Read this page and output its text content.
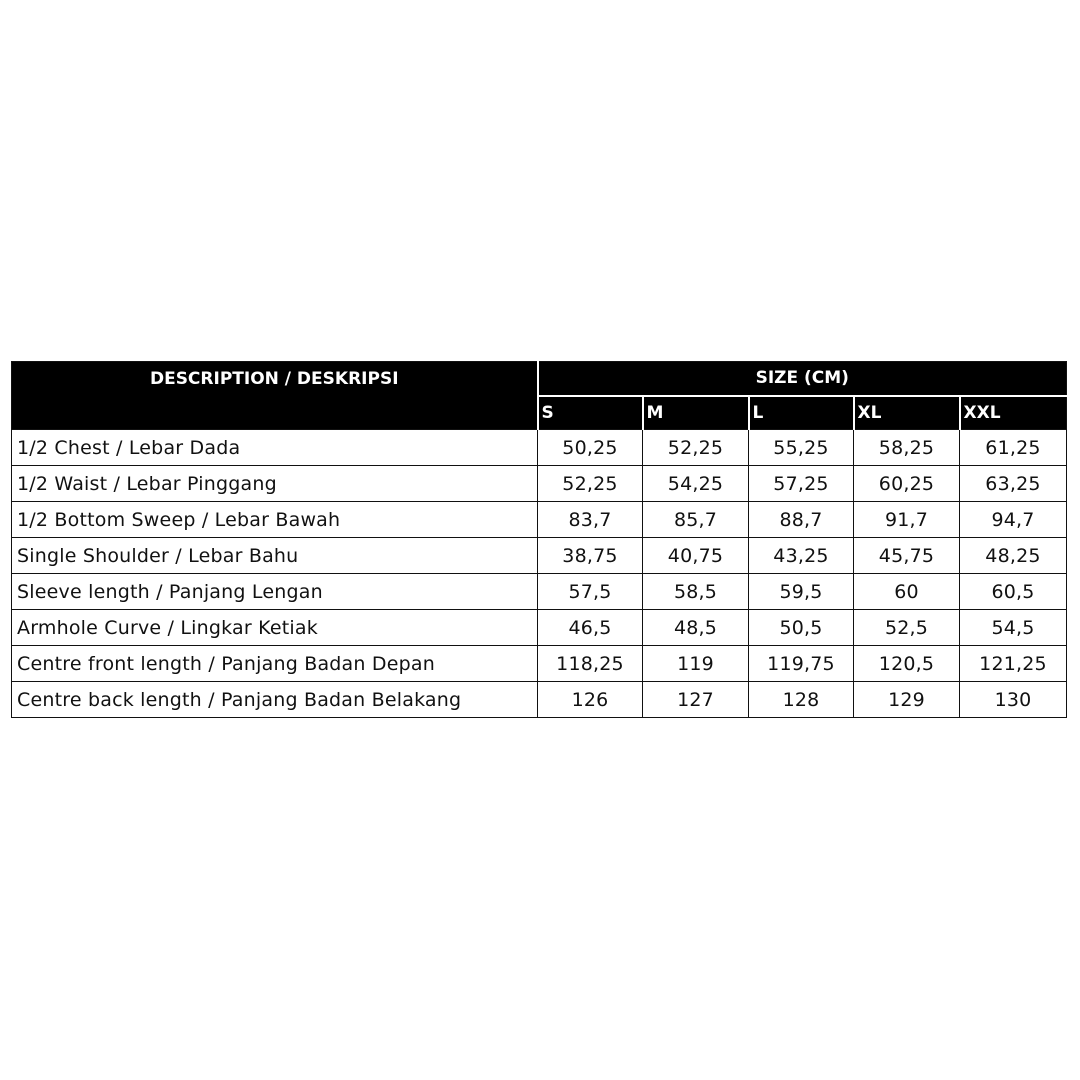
DESCRIPTION / DESKRIPSI	SIZE (CM)				
	S	M	L	XL	XXL
1/2 Chest / Lebar Dada	50,25	52,25	55,25	58,25	61,25
1/2 Waist / Lebar Pinggang	52,25	54,25	57,25	60,25	63,25
1/2 Bottom Sweep / Lebar Bawah	83,7	85,7	88,7	91,7	94,7
Single Shoulder / Lebar Bahu	38,75	40,75	43,25	45,75	48,25
Sleeve length / Panjang Lengan	57,5	58,5	59,5	60	60,5
Armhole Curve / Lingkar Ketiak	46,5	48,5	50,5	52,5	54,5
Centre front length / Panjang Badan Depan	118,25	119	119,75	120,5	121,25
Centre back length / Panjang Badan Belakang	126	127	128	129	130
